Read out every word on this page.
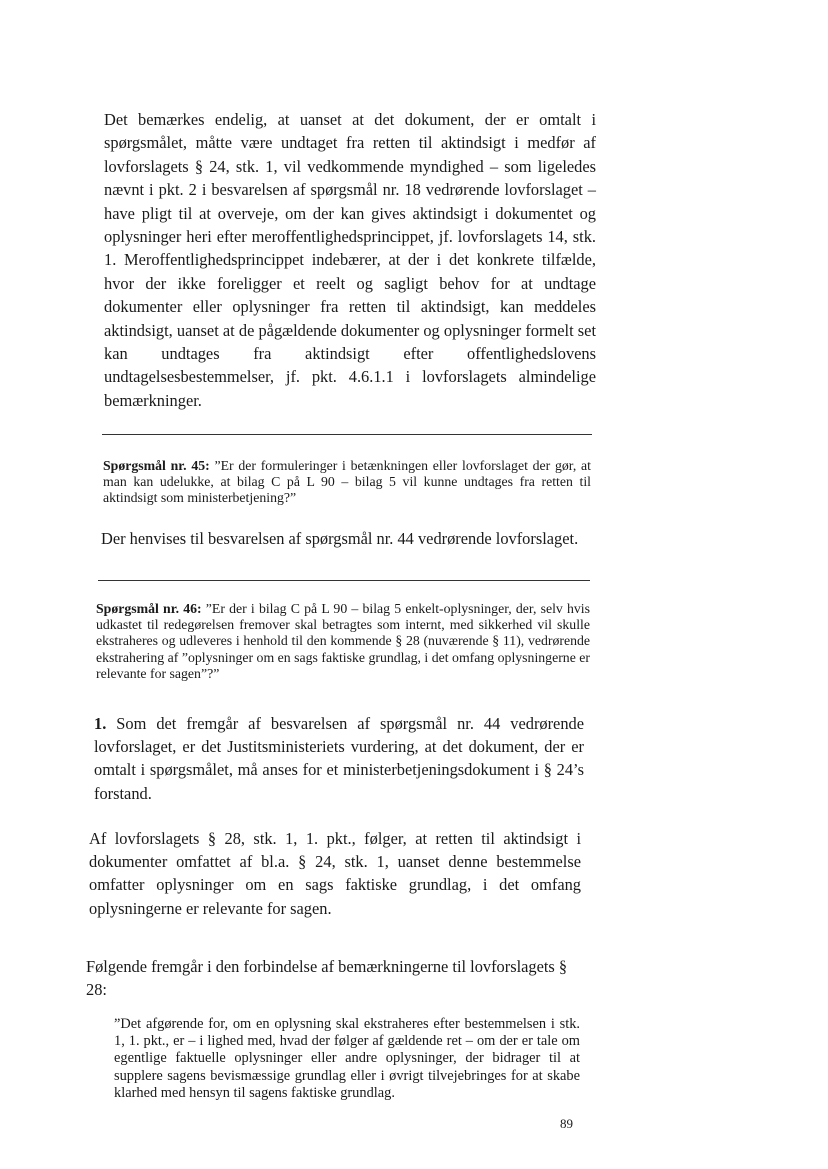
Det bemærkes endelig, at uanset at det dokument, der er omtalt i spørgsmålet, måtte være undtaget fra retten til aktindsigt i medfør af lovforslagets § 24, stk. 1, vil vedkommende myndighed – som ligeledes nævnt i pkt. 2 i besvarelsen af spørgsmål nr. 18 vedrørende lovforslaget – have pligt til at overveje, om der kan gives aktindsigt i dokumentet og oplysninger heri efter meroffentlighedsprincippet, jf. lovforslagets 14, stk. 1. Meroffentlighedsprincippet indebærer, at der i det konkrete tilfælde, hvor der ikke foreligger et reelt og sagligt behov for at undtage dokumenter eller oplysninger fra retten til aktindsigt, kan meddeles aktindsigt, uanset at de pågældende dokumenter og oplysninger formelt set kan undtages fra aktindsigt efter offentlighedslovens undtagelsesbestemmelser, jf. pkt. 4.6.1.1 i lovforslagets almindelige bemærkninger.
Spørgsmål nr. 45: ”Er der formuleringer i betænkningen eller lovforslaget der gør, at man kan udelukke, at bilag C på L 90 – bilag 5 vil kunne undtages fra retten til aktindsigt som ministerbetjening?”
Der henvises til besvarelsen af spørgsmål nr. 44 vedrørende lovforslaget.
Spørgsmål nr. 46: ”Er der i bilag C på L 90 – bilag 5 enkelt-oplysninger, der, selv hvis udkastet til redegørelsen fremover skal betragtes som internt, med sikkerhed vil skulle ekstraheres og udleveres i henhold til den kommende § 28 (nuværende § 11), vedrørende ekstrahering af ”oplysninger om en sags faktiske grundlag, i det omfang oplysningerne er relevante for sagen”?”
1. Som det fremgår af besvarelsen af spørgsmål nr. 44 vedrørende lovforslaget, er det Justitsministeriets vurdering, at det dokument, der er omtalt i spørgsmålet, må anses for et ministerbetjeningsdokument i § 24’s forstand.
Af lovforslagets § 28, stk. 1, 1. pkt., følger, at retten til aktindsigt i dokumenter omfattet af bl.a. § 24, stk. 1, uanset denne bestemmelse omfatter oplysninger om en sags faktiske grundlag, i det omfang oplysningerne er relevante for sagen.
Følgende fremgår i den forbindelse af bemærkningerne til lovforslagets § 28:
”Det afgørende for, om en oplysning skal ekstraheres efter bestemmelsen i stk. 1, 1. pkt., er – i lighed med, hvad der følger af gældende ret – om der er tale om egentlige faktuelle oplysninger eller andre oplysninger, der bidrager til at supplere sagens bevismæssige grundlag eller i øvrigt tilvejebringes for at skabe klarhed med hensyn til sagens faktiske grundlag.
89
